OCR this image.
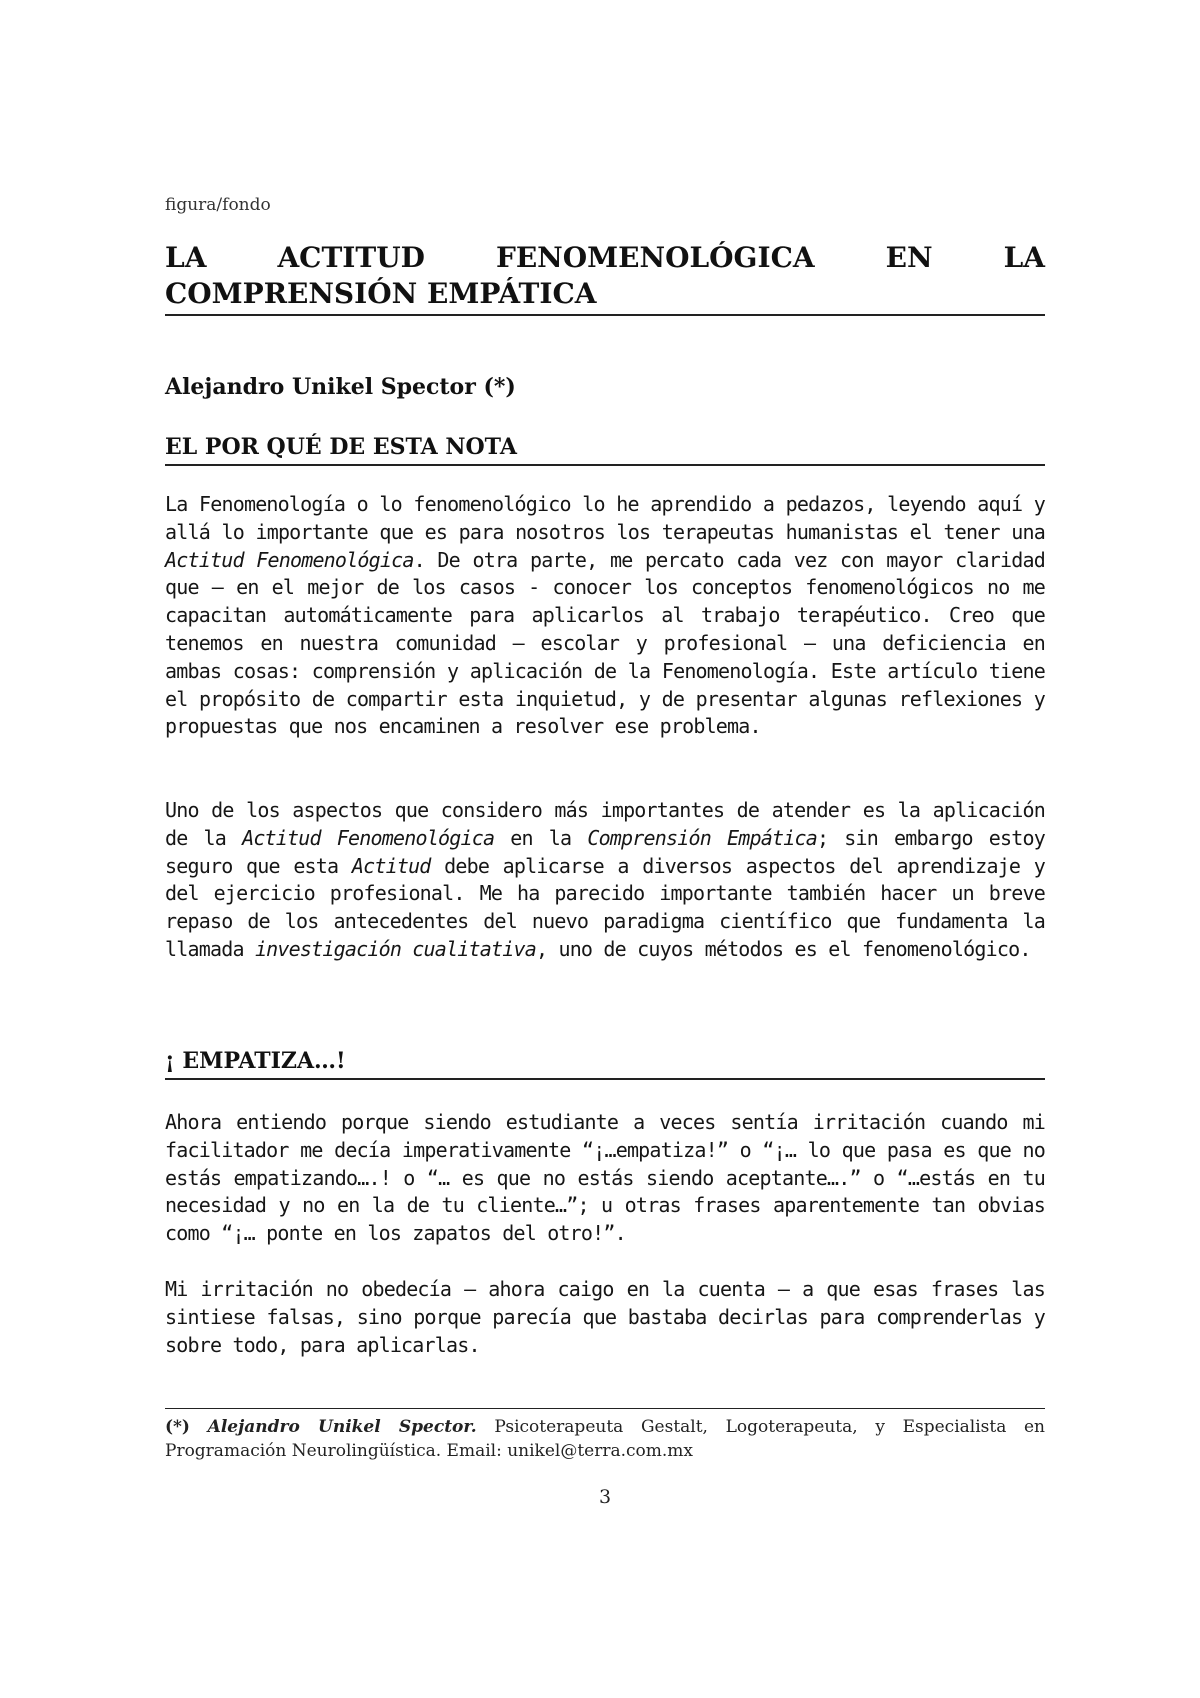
figura/fondo
LA ACTITUD FENOMENOLÓGICA EN LA COMPRENSIÓN EMPÁTICA
Alejandro Unikel Spector (*)
EL POR QUÉ DE ESTA NOTA

La Fenomenología o lo fenomenológico lo he aprendido a pedazos, leyendo aquí y allá lo importante que es para nosotros los terapeutas humanistas el tener una Actitud Fenomenológica. De otra parte, me percato cada vez con mayor claridad que – en el mejor de los casos - conocer los conceptos fenomenológicos no me capacitan automáticamente para aplicarlos al trabajo terapéutico. Creo que tenemos en nuestra comunidad – escolar y profesional – una deficiencia en ambas cosas: comprensión y aplicación de la Fenomenología. Este artículo tiene el propósito de compartir esta inquietud, y de presentar algunas reflexiones y propuestas que nos encaminen a resolver ese problema.

Uno de los aspectos que considero más importantes de atender es la aplicación de la Actitud Fenomenológica en la Comprensión Empática; sin embargo estoy seguro que esta Actitud debe aplicarse a diversos aspectos del aprendizaje y del ejercicio profesional. Me ha parecido importante también hacer un breve repaso de los antecedentes del nuevo paradigma científico que fundamenta la llamada investigación cualitativa, uno de cuyos métodos es el fenomenológico.

¡ EMPATIZA…!

Ahora entiendo porque siendo estudiante a veces sentía irritación cuando mi facilitador me decía imperativamente “¡…empatiza!” o “¡… lo que pasa es que no estás empatizando….! o “… es que no estás siendo aceptante….” o “…estás en tu necesidad y no en la de tu cliente…”; u otras frases aparentemente tan obvias como “¡… ponte en los zapatos del otro!”.

Mi irritación no obedecía – ahora caigo en la cuenta – a que esas frases las sintiese falsas, sino porque parecía que bastaba decirlas para comprenderlas y sobre todo, para aplicarlas.

(*) Alejandro Unikel Spector. Psicoterapeuta Gestalt, Logoterapeuta, y Especialista en Programación Neurolingüística. Email: unikel@terra.com.mx
3
